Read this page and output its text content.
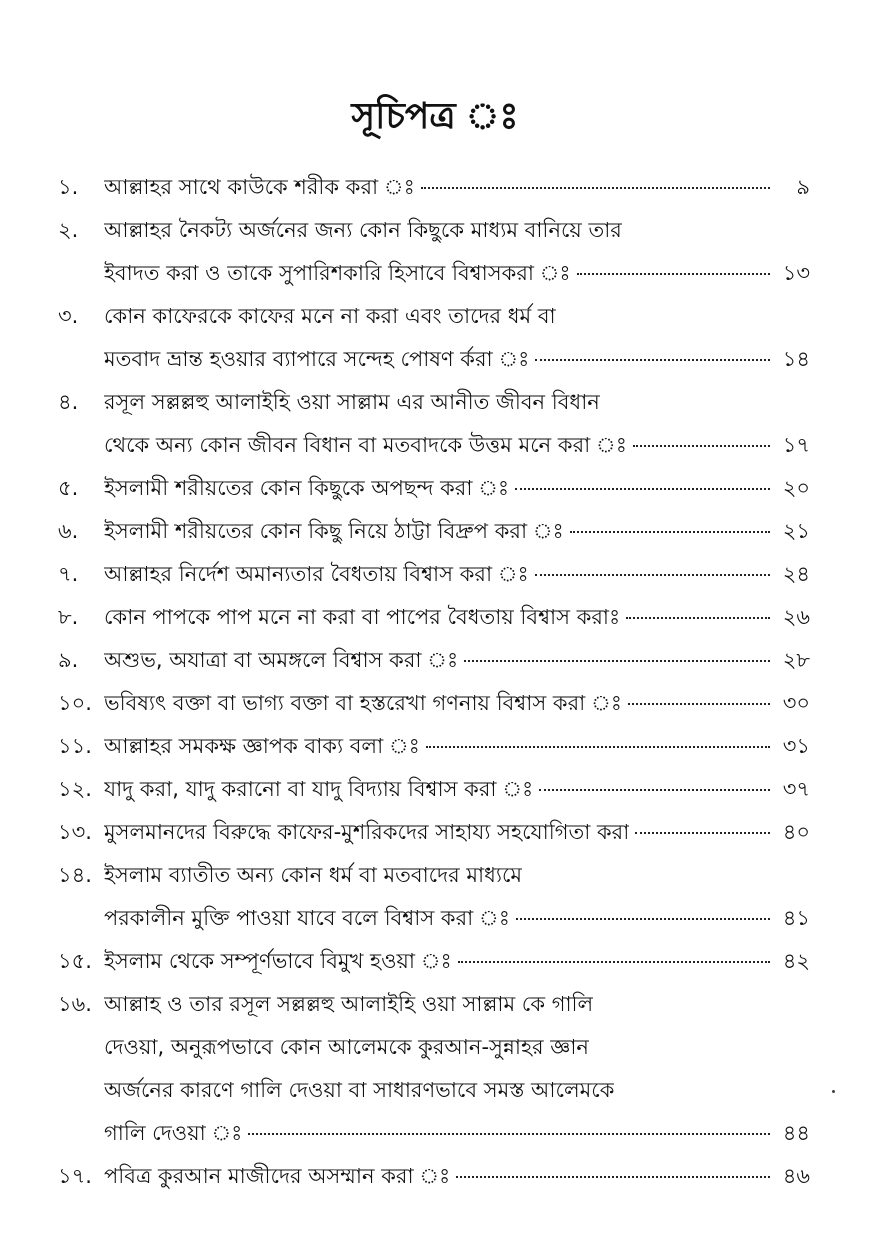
সূচিপত্র ঃ
১.	আল্লাহর সাথে কাউকে শরীক করা ঃ	৯
২.	আল্লাহর নৈকট্য অর্জনের জন্য কোন কিছুকে মাধ্যম বানিয়ে তার
ইবাদত করা ও তাকে সুপারিশকারি হিসাবে বিশ্বাসকরা ঃ	১৩
৩.	কোন কাফেরকে কাফের মনে না করা এবং তাদের ধর্ম বা
মতবাদ ভ্রান্ত হওয়ার ব্যাপারে সন্দেহ পোষণ র্করা ঃ	১৪
৪.	রসূল সল্লল্লহু আলাইহি ওয়া সাল্লাম এর আনীত জীবন বিধান
থেকে অন্য কোন জীবন বিধান বা মতবাদকে উত্তম মনে করা ঃ	১৭
৫.	ইসলামী শরীয়তের কোন কিছুকে অপছন্দ করা ঃ	২০
৬.	ইসলামী শরীয়তের কোন কিছু নিয়ে ঠাট্টা বিদ্রুপ করা ঃ	২১
৭.	আল্লাহর নির্দেশ অমান্যতার বৈধতায় বিশ্বাস করা ঃ	২৪
৮.	কোন পাপকে পাপ মনে না করা বা পাপের বৈধতায় বিশ্বাস করাঃ	২৬
৯.	অশুভ, অযাত্রা বা অমঙ্গলে বিশ্বাস করা ঃ	২৮
১০. ভবিষ্যৎ বক্তা বা ভাগ্য বক্তা বা হস্তরেখা গণনায় বিশ্বাস করা ঃ	৩০
১১. আল্লাহর সমকক্ষ জ্ঞাপক বাক্য বলা ঃ	৩১
১২. যাদু করা, যাদু করানো বা যাদু বিদ্যায় বিশ্বাস করা ঃ	৩৭
১৩. মুসলমানদের বিরুদ্ধে কাফের-মুশরিকদের সাহায্য সহযোগিতা করা	৪০
১৪. ইসলাম ব্যাতীত অন্য কোন ধর্ম বা মতবাদের মাধ্যমে
পরকালীন মুক্তি পাওয়া যাবে বলে বিশ্বাস করা ঃ	৪১
১৫. ইসলাম থেকে সম্পূর্ণভাবে বিমুখ হওয়া ঃ	৪২
১৬. আল্লাহ ও তার রসূল সল্লল্লহু আলাইহি ওয়া সাল্লাম কে গালি
দেওয়া, অনুরূপভাবে কোন আলেমকে কুরআন-সুন্নাহর জ্ঞান
অর্জনের কারণে গালি দেওয়া বা সাধারণভাবে সমস্ত আলেমকে
গালি দেওয়া ঃ	৪৪
১৭. পবিত্র কুরআন মাজীদের অসম্মান করা ঃ	৪৬
